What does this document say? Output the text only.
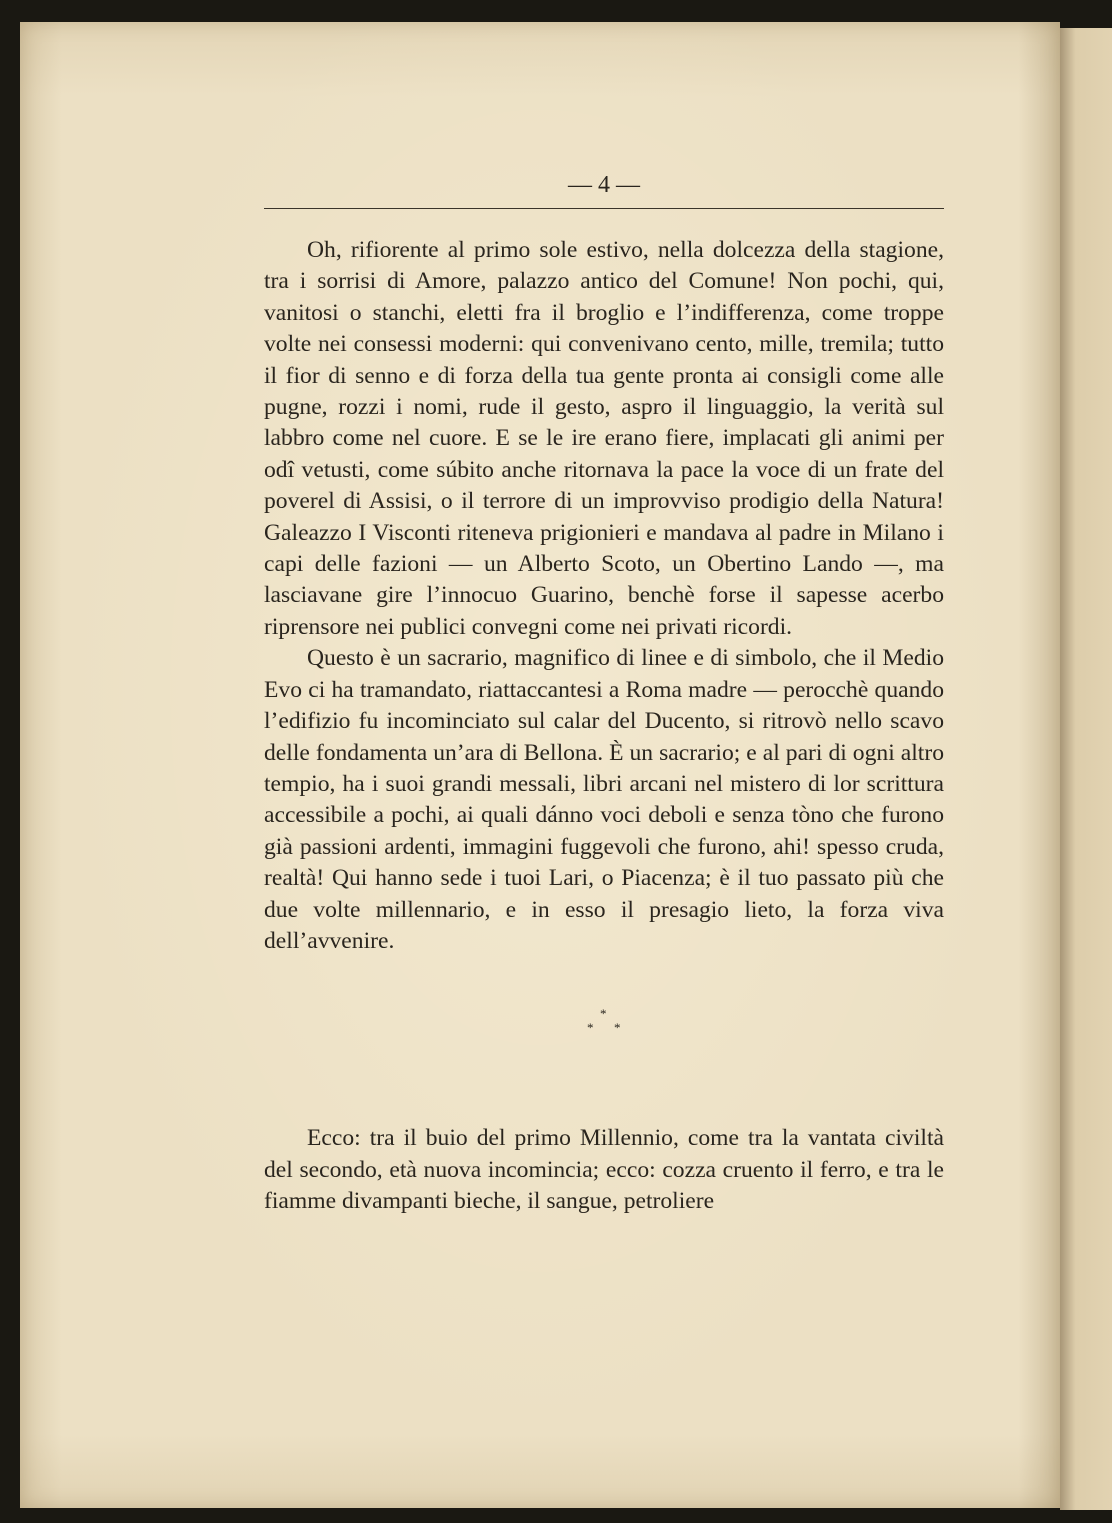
— 4 —

Oh, rifiorente al primo sole estivo, nella dolcezza della stagione, tra i sorrisi di Amore, palazzo antico del Comune! Non pochi, qui, vanitosi o stanchi, eletti fra il broglio e l’indifferenza, come troppe volte nei consessi moderni: qui convenivano cento, mille, tremila; tutto il fior di senno e di forza della tua gente pronta ai consigli come alle pugne, rozzi i nomi, rude il gesto, aspro il linguaggio, la verità sul labbro come nel cuore. E se le ire erano fiere, implacati gli animi per odî vetusti, come súbito anche ritornava la pace la voce di un frate del poverel di Assisi, o il terrore di un improvviso prodigio della Natura! Galeazzo I Visconti riteneva prigionieri e mandava al padre in Milano i capi delle fazioni — un Alberto Scoto, un Obertino Lando —, ma lasciavane gire l’innocuo Guarino, benchè forse il sapesse acerbo riprensore nei publici convegni come nei privati ricordi.

Questo è un sacrario, magnifico di linee e di simbolo, che il Medio Evo ci ha tramandato, riattaccantesi a Roma madre — perocchè quando l’edifizio fu incominciato sul calar del Ducento, si ritrovò nello scavo delle fondamenta un’ara di Bellona. È un sacrario; e al pari di ogni altro tempio, ha i suoi grandi messali, libri arcani nel mistero di lor scrittura accessibile a pochi, ai quali dánno voci deboli e senza tòno che furono già passioni ardenti, immagini fuggevoli che furono, ahi! spesso cruda, realtà! Qui hanno sede i tuoi Lari, o Piacenza; è il tuo passato più che due volte millennario, e in esso il presagio lieto, la forza viva dell’avvenire.

*
* *

Ecco: tra il buio del primo Millennio, come tra la vantata civiltà del secondo, età nuova incomincia; ecco: cozza cruento il ferro, e tra le fiamme divampanti bieche, il sangue, petroliere
